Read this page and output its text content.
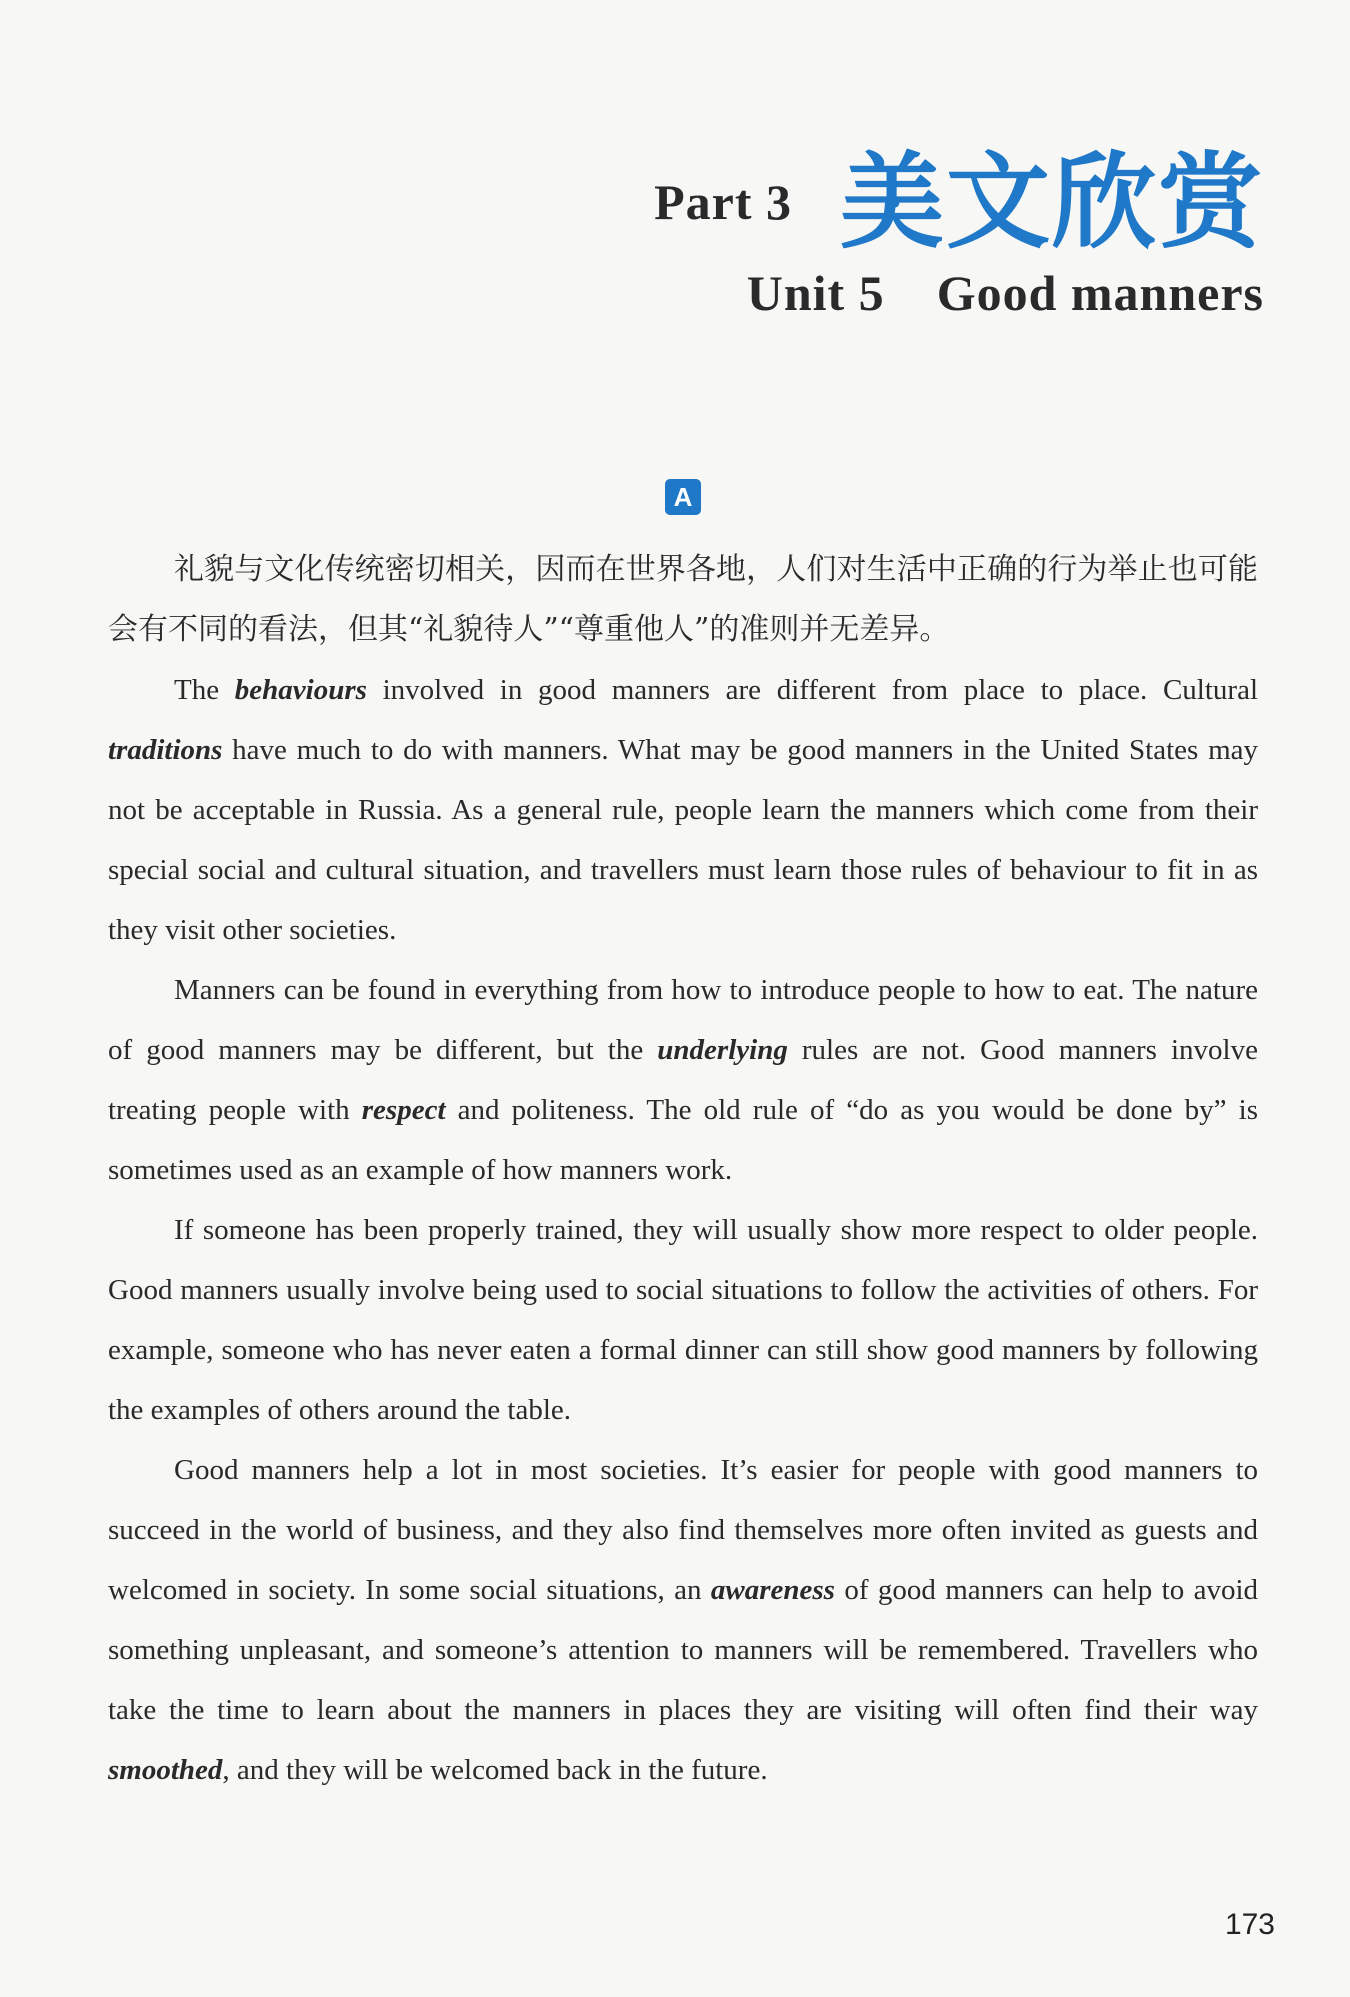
Part 3 美文欣赏
Unit 5 Good manners
A
礼貌与文化传统密切相关，因而在世界各地，人们对生活中正确的行为举止也可能会有不同的看法，但其“礼貌待人”“尊重他人”的准则并无差异。

The behaviours involved in good manners are different from place to place. Cultural traditions have much to do with manners. What may be good manners in the United States may not be acceptable in Russia. As a general rule, people learn the manners which come from their special social and cultural situation, and travellers must learn those rules of behaviour to fit in as they visit other societies.

Manners can be found in everything from how to introduce people to how to eat. The nature of good manners may be different, but the underlying rules are not. Good manners involve treating people with respect and politeness. The old rule of “do as you would be done by” is sometimes used as an example of how manners work.

If someone has been properly trained, they will usually show more respect to older people. Good manners usually involve being used to social situations to follow the activities of others. For example, someone who has never eaten a formal dinner can still show good manners by following the examples of others around the table.

Good manners help a lot in most societies. It’s easier for people with good manners to succeed in the world of business, and they also find themselves more often invited as guests and welcomed in society. In some social situations, an awareness of good manners can help to avoid something unpleasant, and someone’s attention to manners will be remembered. Travellers who take the time to learn about the manners in places they are visiting will often find their way smoothed, and they will be welcomed back in the future.

173
